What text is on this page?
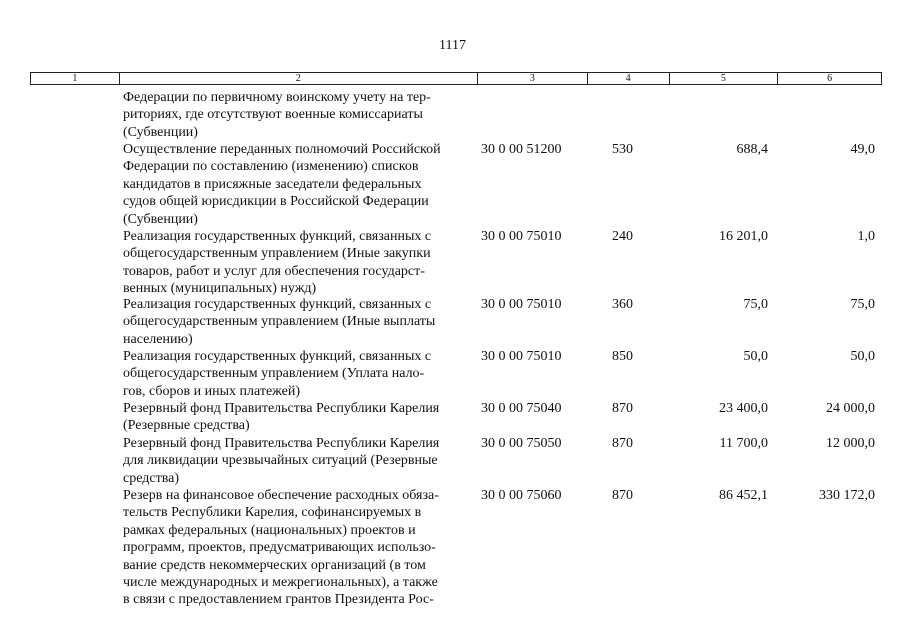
1117
1	2	3	4	5	6
Федерации по первичному воинскому учету на тер-
риториях, где отсутствуют военные комиссариаты
(Субвенции)
Осуществление переданных полномочий Российской
Федерации по составлению (изменению) списков
кандидатов в присяжные заседатели федеральных
судов общей юрисдикции в Российской Федерации
(Субвенции)
30 0 00 51200	530	688,4	49,0
Реализация государственных функций, связанных с
общегосударственным управлением (Иные закупки
товаров, работ и услуг для обеспечения государст-
венных (муниципальных) нужд)
30 0 00 75010	240	16 201,0	1,0
Реализация государственных функций, связанных с
общегосударственным управлением (Иные выплаты
населению)
30 0 00 75010	360	75,0	75,0
Реализация государственных функций, связанных с
общегосударственным управлением (Уплата нало-
гов, сборов и иных платежей)
30 0 00 75010	850	50,0	50,0
Резервный фонд Правительства Республики Карелия
(Резервные средства)
30 0 00 75040	870	23 400,0	24 000,0
Резервный фонд Правительства Республики Карелия
для ликвидации чрезвычайных ситуаций (Резервные
средства)
30 0 00 75050	870	11 700,0	12 000,0
Резерв на финансовое обеспечение расходных обяза-
тельств Республики Карелия, софинансируемых в
рамках федеральных (национальных) проектов и
программ, проектов, предусматривающих использо-
вание средств некоммерческих организаций (в том
числе международных и межрегиональных), а также
в связи с предоставлением грантов Президента Рос-
30 0 00 75060	870	86 452,1	330 172,0
